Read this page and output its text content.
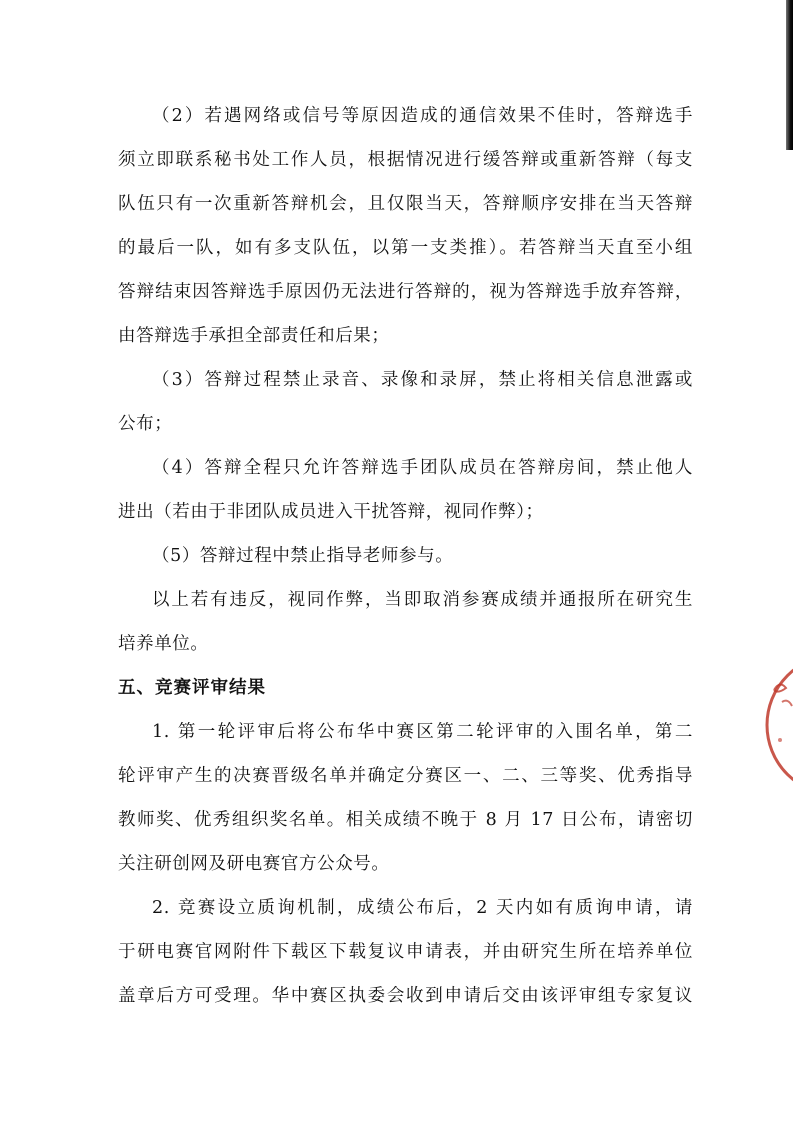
（2）若遇网络或信号等原因造成的通信效果不佳时，答辩选手
须立即联系秘书处工作人员，根据情况进行缓答辩或重新答辩（每支
队伍只有一次重新答辩机会，且仅限当天，答辩顺序安排在当天答辩
的最后一队，如有多支队伍，以第一支类推）。若答辩当天直至小组
答辩结束因答辩选手原因仍无法进行答辩的，视为答辩选手放弃答辩，
由答辩选手承担全部责任和后果；
（3）答辩过程禁止录音、录像和录屏，禁止将相关信息泄露或
公布；
（4）答辩全程只允许答辩选手团队成员在答辩房间，禁止他人
进出（若由于非团队成员进入干扰答辩，视同作弊）；
（5）答辩过程中禁止指导老师参与。
以上若有违反，视同作弊，当即取消参赛成绩并通报所在研究生
培养单位。
五、竞赛评审结果
1. 第一轮评审后将公布华中赛区第二轮评审的入围名单，第二
轮评审产生的决赛晋级名单并确定分赛区一、二、三等奖、优秀指导
教师奖、优秀组织奖名单。相关成绩不晚于 8 月 17 日公布，请密切
关注研创网及研电赛官方公众号。
2. 竞赛设立质询机制，成绩公布后，2 天内如有质询申请，请
于研电赛官网附件下载区下载复议申请表，并由研究生所在培养单位
盖章后方可受理。华中赛区执委会收到申请后交由该评审组专家复议
